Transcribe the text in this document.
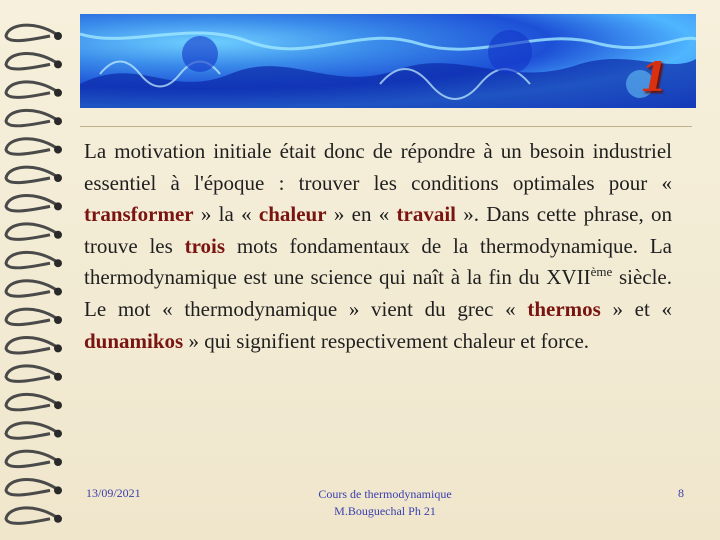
1
La motivation initiale était donc de répondre à un besoin industriel essentiel à l'époque : trouver les conditions optimales pour « transformer » la « chaleur » en « travail ». Dans cette phrase, on trouve les trois mots fondamentaux de la thermodynamique. La thermodynamique est une science qui naît à la fin du XVIIème siècle. Le mot « thermodynamique » vient du grec « thermos » et « dunamikos » qui signifient respectivement chaleur et force.
13/09/2021	Cours de thermodynamique
M.Bouguechal Ph 21
8
